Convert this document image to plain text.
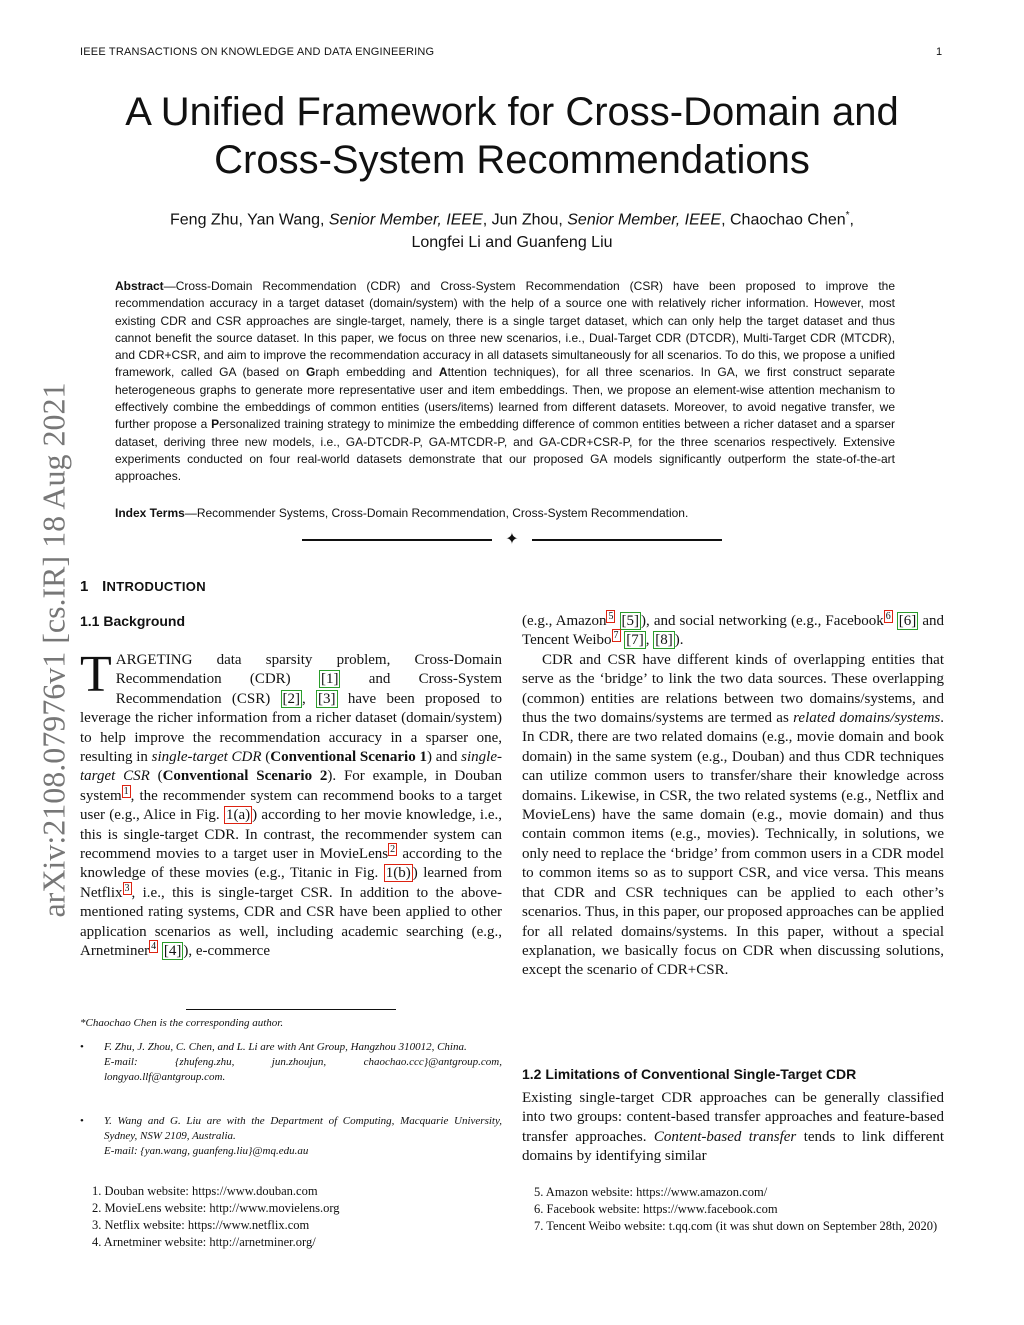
IEEE TRANSACTIONS ON KNOWLEDGE AND DATA ENGINEERING	1
arXiv:2108.07976v1 [cs.IR] 18 Aug 2021
A Unified Framework for Cross-Domain and
Cross-System Recommendations
Feng Zhu, Yan Wang, Senior Member, IEEE, Jun Zhou, Senior Member, IEEE, Chaochao Chen*,
Longfei Li and Guanfeng Liu
Abstract—Cross-Domain Recommendation (CDR) and Cross-System Recommendation (CSR) have been proposed to improve the recommendation accuracy in a target dataset (domain/system) with the help of a source one with relatively richer information. However, most existing CDR and CSR approaches are single-target, namely, there is a single target dataset, which can only help the target dataset and thus cannot benefit the source dataset. In this paper, we focus on three new scenarios, i.e., Dual-Target CDR (DTCDR), Multi-Target CDR (MTCDR), and CDR+CSR, and aim to improve the recommendation accuracy in all datasets simultaneously for all scenarios. To do this, we propose a unified framework, called GA (based on Graph embedding and Attention techniques), for all three scenarios. In GA, we first construct separate heterogeneous graphs to generate more representative user and item embeddings. Then, we propose an element-wise attention mechanism to effectively combine the embeddings of common entities (users/items) learned from different datasets. Moreover, to avoid negative transfer, we further propose a Personalized training strategy to minimize the embedding difference of common entities between a richer dataset and a sparser dataset, deriving three new models, i.e., GA-DTCDR-P, GA-MTCDR-P, and GA-CDR+CSR-P, for the three scenarios respectively. Extensive experiments conducted on four real-world datasets demonstrate that our proposed GA models significantly outperform the state-of-the-art approaches.
Index Terms—Recommender Systems, Cross-Domain Recommendation, Cross-System Recommendation.
✦
1 INTRODUCTION
1.1 Background
TARGETING data sparsity problem, Cross-Domain Recommendation (CDR) [1] and Cross-System Recommendation (CSR) [2] , [3] have been proposed to leverage the richer information from a richer dataset (domain/system) to help improve the recommendation accuracy in a sparser one, resulting in single-target CDR (Conventional Scenario 1) and single-target CSR (Conventional Scenario 2). For example, in Douban system $^1$ , the recommender system can recommend books to a target user (e.g., Alice in Fig. 1(a) ) according to her movie knowledge, i.e., this is single-target CDR. In contrast, the recommender system can recommend movies to a target user in MovieLens $^2$ according to the knowledge of these movies (e.g., Titanic in Fig. 1(b) ) learned from Netflix $^3$ , i.e., this is single-target CSR. In addition to the above-mentioned rating systems, CDR and CSR have been applied to other application scenarios as well, including academic searching (e.g., Arnetminer $^4$ [4] ), e-commerce

(e.g., Amazon $^5$ [5] ), and social networking (e.g., Facebook $^6$ [6] and Tencent Weibo $^7$ [7] , [8] ).

CDR and CSR have different kinds of overlapping entities that serve as the ‘bridge’ to link the two data sources. These overlapping (common) entities are relations between two domains/systems, and thus the two domains/systems are termed as related domains/systems. In CDR, there are two related domains (e.g., movie domain and book domain) in the same system (e.g., Douban) and thus CDR techniques can utilize common users to transfer/share their knowledge across domains. Likewise, in CSR, the two related systems (e.g., Netflix and MovieLens) have the same domain (e.g., movie domain) and thus contain common items (e.g., movies). Technically, in solutions, we only need to replace the ‘bridge’ from common users in a CDR model to common items so as to support CSR, and vice versa. This means that CDR and CSR techniques can be applied to each other’s scenarios. Thus, in this paper, our proposed approaches can be applied for all related domains/systems. In this paper, without a special explanation, we basically focus on CDR when discussing solutions, except the scenario of CDR+CSR.

1.2 Limitations of Conventional Single-Target CDR
Existing single-target CDR approaches can be generally classified into two groups: content-based transfer approaches and feature-based transfer approaches. Content-based transfer tends to link different domains by identifying similar
*Chaochao Chen is the corresponding author.
• F. Zhu, J. Zhou, C. Chen, and L. Li are with Ant Group, Hangzhou 310012, China.
E-mail: {zhufeng.zhu, jun.zhoujun, chaochao.ccc}@antgroup.com, longyao.llf@antgroup.com.
• Y. Wang and G. Liu are with the Department of Computing, Macquarie University, Sydney, NSW 2109, Australia.
E-mail: {yan.wang, guanfeng.liu}@mq.edu.au
1. Douban website: https://www.douban.com
2. MovieLens website: http://www.movielens.org
3. Netflix website: https://www.netflix.com
4. Arnetminer website: http://arnetminer.org/
5. Amazon website: https://www.amazon.com/
6. Facebook website: https://www.facebook.com
7. Tencent Weibo website: t.qq.com (it was shut down on September 28th, 2020)
